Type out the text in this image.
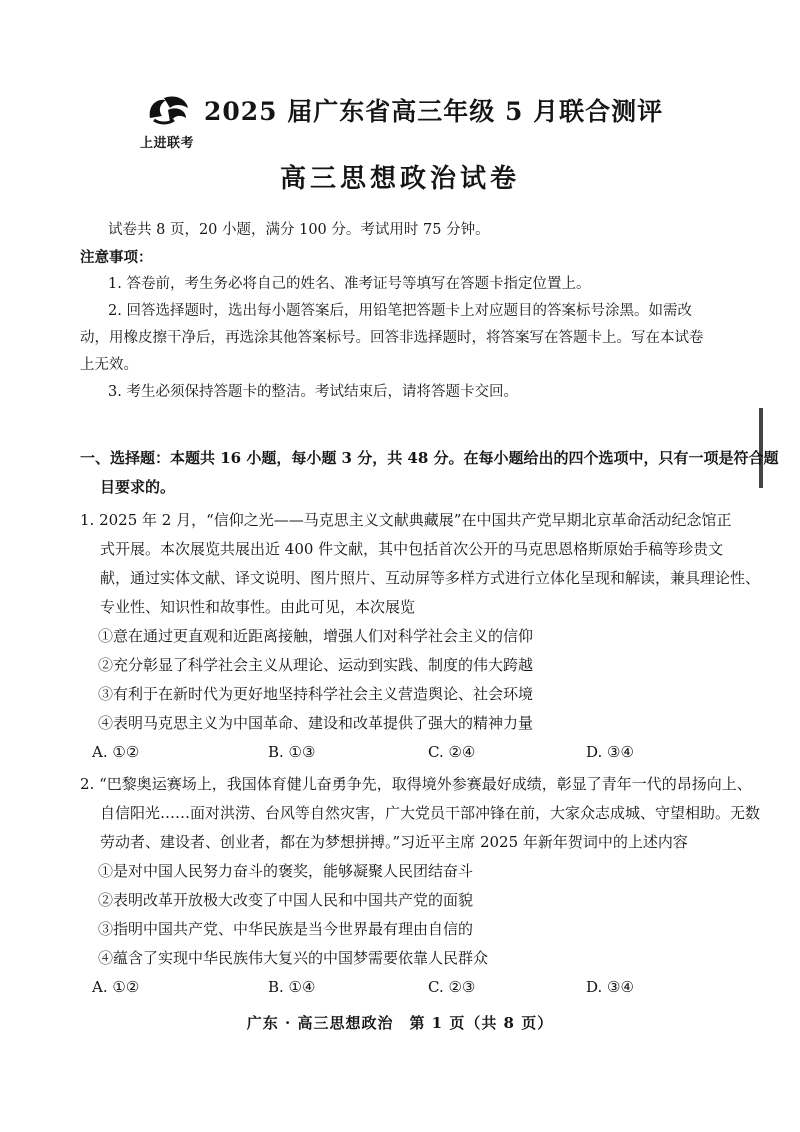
上进联考
2025 届广东省高三年级 5 月联合测评
高三思想政治试卷
试卷共 8 页，20 小题，满分 100 分。考试用时 75 分钟。
注意事项：
1. 答卷前，考生务必将自己的姓名、准考证号等填写在答题卡指定位置上。
2. 回答选择题时，选出每小题答案后，用铅笔把答题卡上对应题目的答案标号涂黑。如需改
动，用橡皮擦干净后，再选涂其他答案标号。回答非选择题时，将答案写在答题卡上。写在本试卷
上无效。
3. 考生必须保持答题卡的整洁。考试结束后，请将答题卡交回。
一、选择题：本题共 16 小题，每小题 3 分，共 48 分。在每小题给出的四个选项中，只有一项是符合题
目要求的。
1. 2025 年 2 月，“信仰之光——马克思主义文献典藏展”在中国共产党早期北京革命活动纪念馆正
式开展。本次展览共展出近 400 件文献，其中包括首次公开的马克思恩格斯原始手稿等珍贵文
献，通过实体文献、译文说明、图片照片、互动屏等多样方式进行立体化呈现和解读，兼具理论性、
专业性、知识性和故事性。由此可见，本次展览
①意在通过更直观和近距离接触，增强人们对科学社会主义的信仰
②充分彰显了科学社会主义从理论、运动到实践、制度的伟大跨越
③有利于在新时代为更好地坚持科学社会主义营造舆论、社会环境
④表明马克思主义为中国革命、建设和改革提供了强大的精神力量
A. ①②	B. ①③	C. ②④	D. ③④
2. “巴黎奥运赛场上，我国体育健儿奋勇争先，取得境外参赛最好成绩，彰显了青年一代的昂扬向上、
自信阳光……面对洪涝、台风等自然灾害，广大党员干部冲锋在前，大家众志成城、守望相助。无数
劳动者、建设者、创业者，都在为梦想拼搏。”习近平主席 2025 年新年贺词中的上述内容
①是对中国人民努力奋斗的褒奖，能够凝聚人民团结奋斗
②表明改革开放极大改变了中国人民和中国共产党的面貌
③指明中国共产党、中华民族是当今世界最有理由自信的
④蕴含了实现中华民族伟大复兴的中国梦需要依靠人民群众
A. ①②	B. ①④	C. ②③	D. ③④
广东 · 高三思想政治　第 1 页（共 8 页）
